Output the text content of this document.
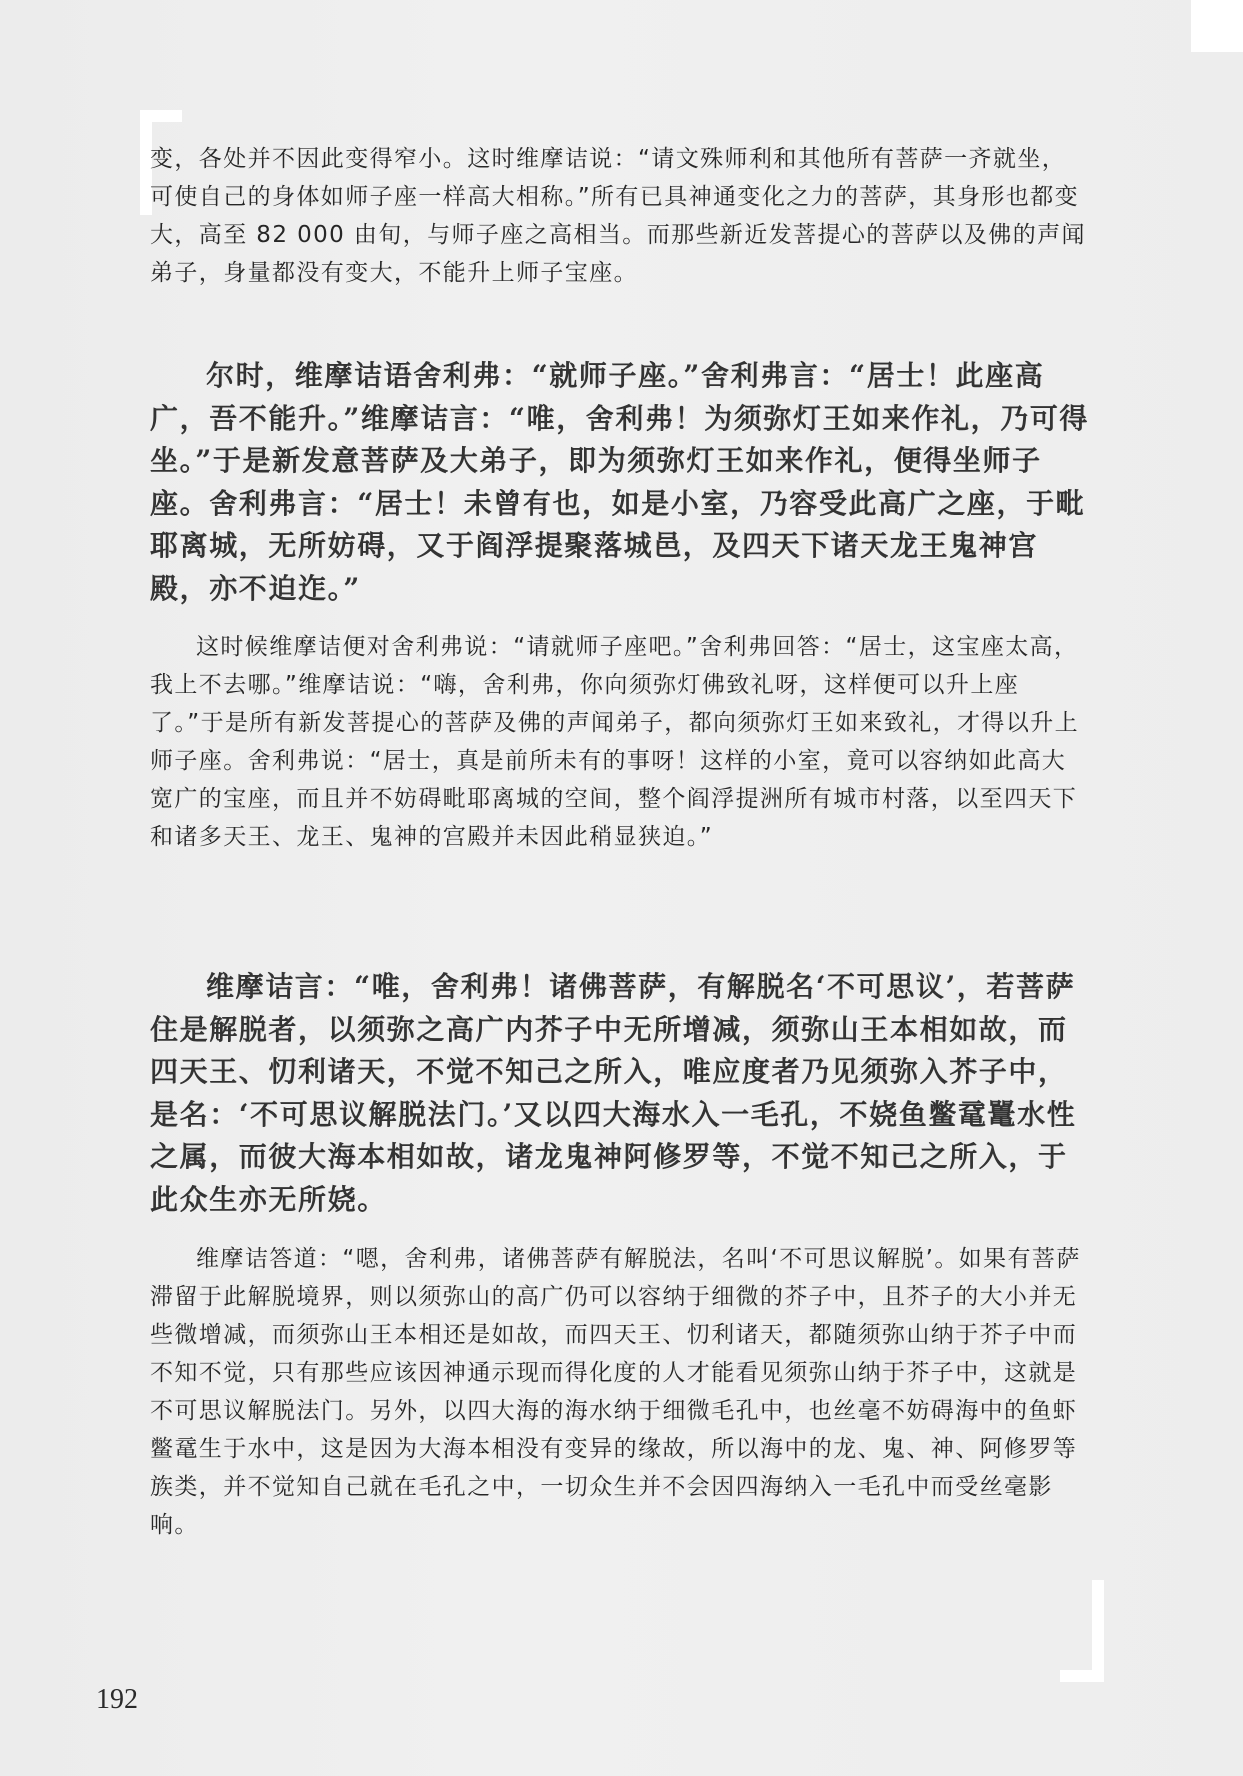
变，各处并不因此变得窄小。这时维摩诘说：“请文殊师利和其他所有菩萨一齐就坐，可使自己的身体如师子座一样高大相称。”所有已具神通变化之力的菩萨，其身形也都变大，高至 82 000 由旬，与师子座之高相当。而那些新近发菩提心的菩萨以及佛的声闻弟子，身量都没有变大，不能升上师子宝座。
尔时，维摩诘语舍利弗：“就师子座。”舍利弗言：“居士！此座高广，吾不能升。”维摩诘言：“唯，舍利弗！为须弥灯王如来作礼，乃可得坐。”于是新发意菩萨及大弟子，即为须弥灯王如来作礼，便得坐师子座。舍利弗言：“居士！未曾有也，如是小室，乃容受此高广之座，于毗耶离城，无所妨碍，又于阎浮提聚落城邑，及四天下诸天龙王鬼神宫殿，亦不迫迮。”
这时候维摩诘便对舍利弗说：“请就师子座吧。”舍利弗回答：“居士，这宝座太高，我上不去哪。”维摩诘说：“嗨，舍利弗，你向须弥灯佛致礼呀，这样便可以升上座了。”于是所有新发菩提心的菩萨及佛的声闻弟子，都向须弥灯王如来致礼，才得以升上师子座。舍利弗说：“居士，真是前所未有的事呀！这样的小室，竟可以容纳如此高大宽广的宝座，而且并不妨碍毗耶离城的空间，整个阎浮提洲所有城市村落，以至四天下和诸多天王、龙王、鬼神的宫殿并未因此稍显狭迫。”
维摩诘言：“唯，舍利弗！诸佛菩萨，有解脱名‘不可思议’，若菩萨住是解脱者，以须弥之高广内芥子中无所增减，须弥山王本相如故，而四天王、忉利诸天，不觉不知己之所入，唯应度者乃见须弥入芥子中，是名：‘不可思议解脱法门。’又以四大海水入一毛孔，不娆鱼鳖鼋鼍水性之属，而彼大海本相如故，诸龙鬼神阿修罗等，不觉不知己之所入，于此众生亦无所娆。
维摩诘答道：“嗯，舍利弗，诸佛菩萨有解脱法，名叫‘不可思议解脱’。如果有菩萨滞留于此解脱境界，则以须弥山的高广仍可以容纳于细微的芥子中，且芥子的大小并无些微增减，而须弥山王本相还是如故，而四天王、忉利诸天，都随须弥山纳于芥子中而不知不觉，只有那些应该因神通示现而得化度的人才能看见须弥山纳于芥子中，这就是不可思议解脱法门。另外，以四大海的海水纳于细微毛孔中，也丝毫不妨碍海中的鱼虾鳖鼋生于水中，这是因为大海本相没有变异的缘故，所以海中的龙、鬼、神、阿修罗等族类，并不觉知自己就在毛孔之中，一切众生并不会因四海纳入一毛孔中而受丝毫影响。
192
